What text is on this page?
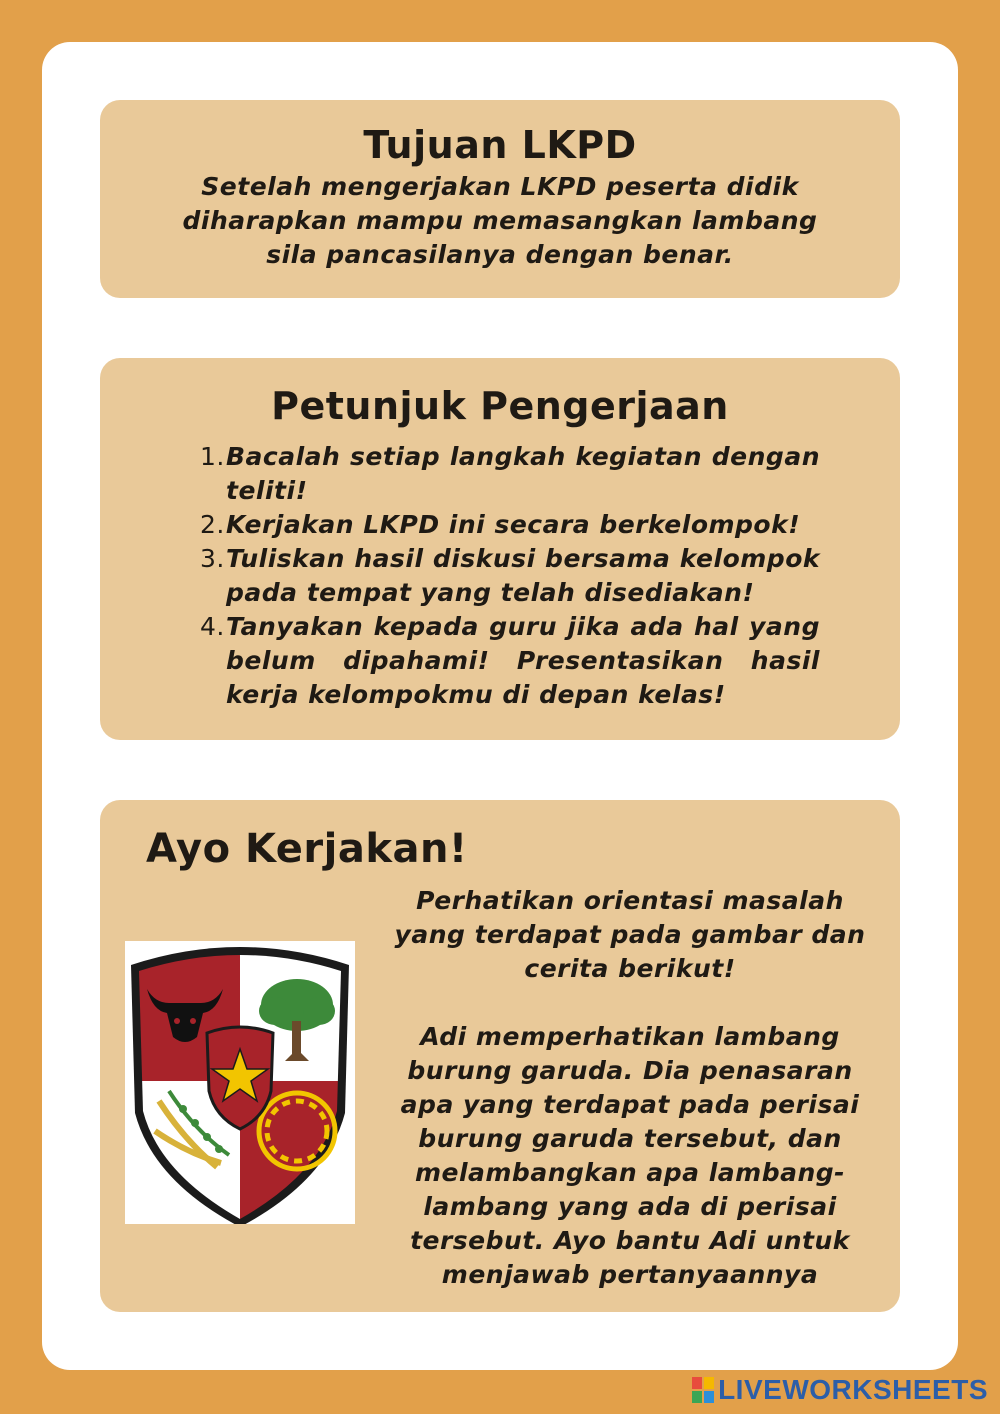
Tujuan LKPD
Setelah mengerjakan LKPD peserta didik diharapkan mampu memasangkan lambang sila pancasilanya dengan benar.
Petunjuk Pengerjaan
1. Bacalah setiap langkah kegiatan dengan teliti!
2. Kerjakan LKPD ini secara berkelompok!
3. Tuliskan hasil diskusi bersama kelompok pada tempat yang telah disediakan!
4. Tanyakan kepada guru jika ada hal yang belum dipahami! Presentasikan hasil kerja kelompokmu di depan kelas!
Ayo Kerjakan!

Perhatikan orientasi masalah yang terdapat pada gambar dan cerita berikut!

Adi memperhatikan lambang burung garuda. Dia penasaran apa yang terdapat pada perisai burung garuda tersebut, dan melambangkan apa lambang-lambang yang ada di perisai tersebut. Ayo bantu Adi untuk menjawab pertanyaannya

LIVEWORKSHEETS
